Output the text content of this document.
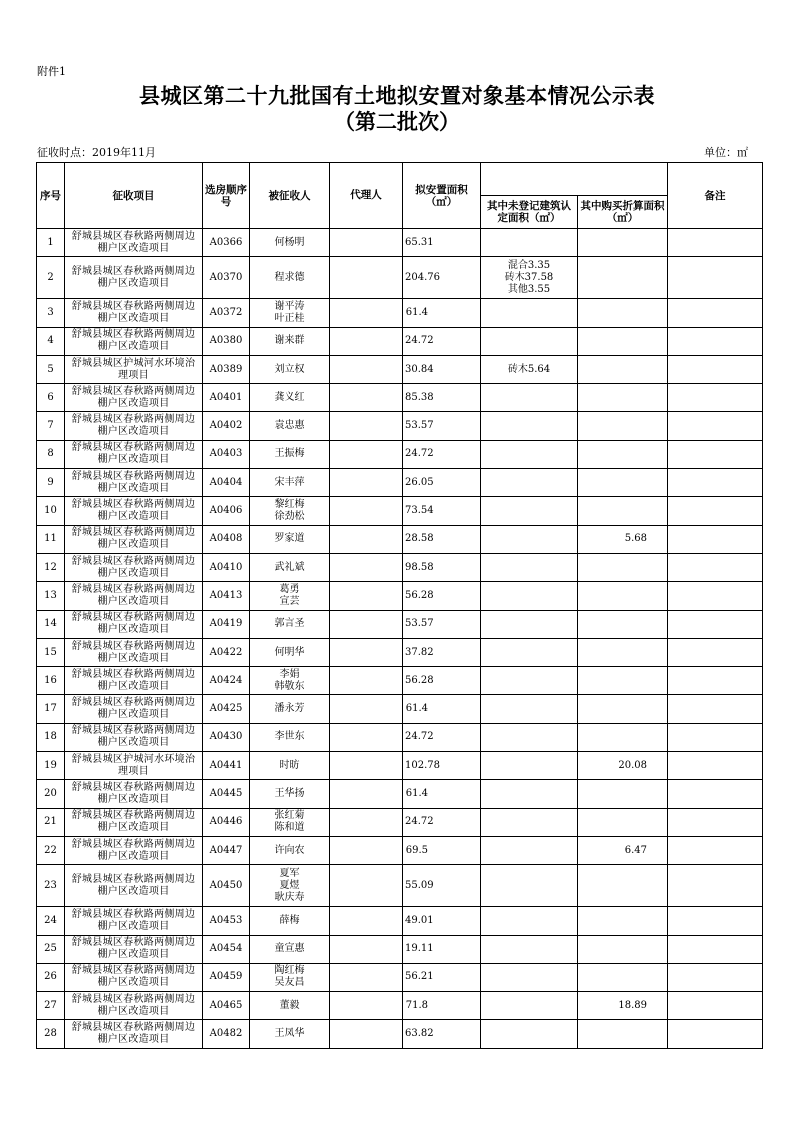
附件1
县城区第二十九批国有土地拟安置对象基本情况公示表
（第二批次）
征收时点：2019年11月	单位：㎡
序号	征收项目	选房顺序号	被征收人	代理人	拟安置面积（㎡）			备注
						其中未登记建筑认定面积（㎡）	其中购买折算面积（㎡）	
1	舒城县城区春秋路两侧周边棚户区改造项目	A0366	何杨明		65.31			
2	舒城县城区春秋路两侧周边棚户区改造项目	A0370	程求德		204.76	混合3.35
砖木37.58
其他3.55		
3	舒城县城区春秋路两侧周边棚户区改造项目	A0372	谢平涛
叶正桂		61.4			
4	舒城县城区春秋路两侧周边棚户区改造项目	A0380	谢来群		24.72			
5	舒城县城区护城河水环境治理项目	A0389	刘立权		30.84	砖木5.64		
6	舒城县城区春秋路两侧周边棚户区改造项目	A0401	龚义红		85.38			
7	舒城县城区春秋路两侧周边棚户区改造项目	A0402	袁忠惠		53.57			
8	舒城县城区春秋路两侧周边棚户区改造项目	A0403	王振梅		24.72			
9	舒城县城区春秋路两侧周边棚户区改造项目	A0404	宋丰萍		26.05			
10	舒城县城区春秋路两侧周边棚户区改造项目	A0406	黎红梅
徐劲松		73.54			
11	舒城县城区春秋路两侧周边棚户区改造项目	A0408	罗家道		28.58		5.68	
12	舒城县城区春秋路两侧周边棚户区改造项目	A0410	武礼斌		98.58			
13	舒城县城区春秋路两侧周边棚户区改造项目	A0413	葛勇
宣芸		56.28			
14	舒城县城区春秋路两侧周边棚户区改造项目	A0419	郭言圣		53.57			
15	舒城县城区春秋路两侧周边棚户区改造项目	A0422	何明华		37.82			
16	舒城县城区春秋路两侧周边棚户区改造项目	A0424	李娟
韩敬东		56.28			
17	舒城县城区春秋路两侧周边棚户区改造项目	A0425	潘永芳		61.4			
18	舒城县城区春秋路两侧周边棚户区改造项目	A0430	李世东		24.72			
19	舒城县城区护城河水环境治理项目	A0441	时昉		102.78		20.08	
20	舒城县城区春秋路两侧周边棚户区改造项目	A0445	王华扬		61.4			
21	舒城县城区春秋路两侧周边棚户区改造项目	A0446	张红菊
陈和道		24.72			
22	舒城县城区春秋路两侧周边棚户区改造项目	A0447	许向农		69.5		6.47	
23	舒城县城区春秋路两侧周边棚户区改造项目	A0450	夏军
夏煜
耿庆寿		55.09			
24	舒城县城区春秋路两侧周边棚户区改造项目	A0453	薛梅		49.01			
25	舒城县城区春秋路两侧周边棚户区改造项目	A0454	童宣惠		19.11			
26	舒城县城区春秋路两侧周边棚户区改造项目	A0459	陶红梅
吴友昌		56.21			
27	舒城县城区春秋路两侧周边棚户区改造项目	A0465	董毅		71.8		18.89	
28	舒城县城区春秋路两侧周边棚户区改造项目	A0482	王凤华		63.82			
